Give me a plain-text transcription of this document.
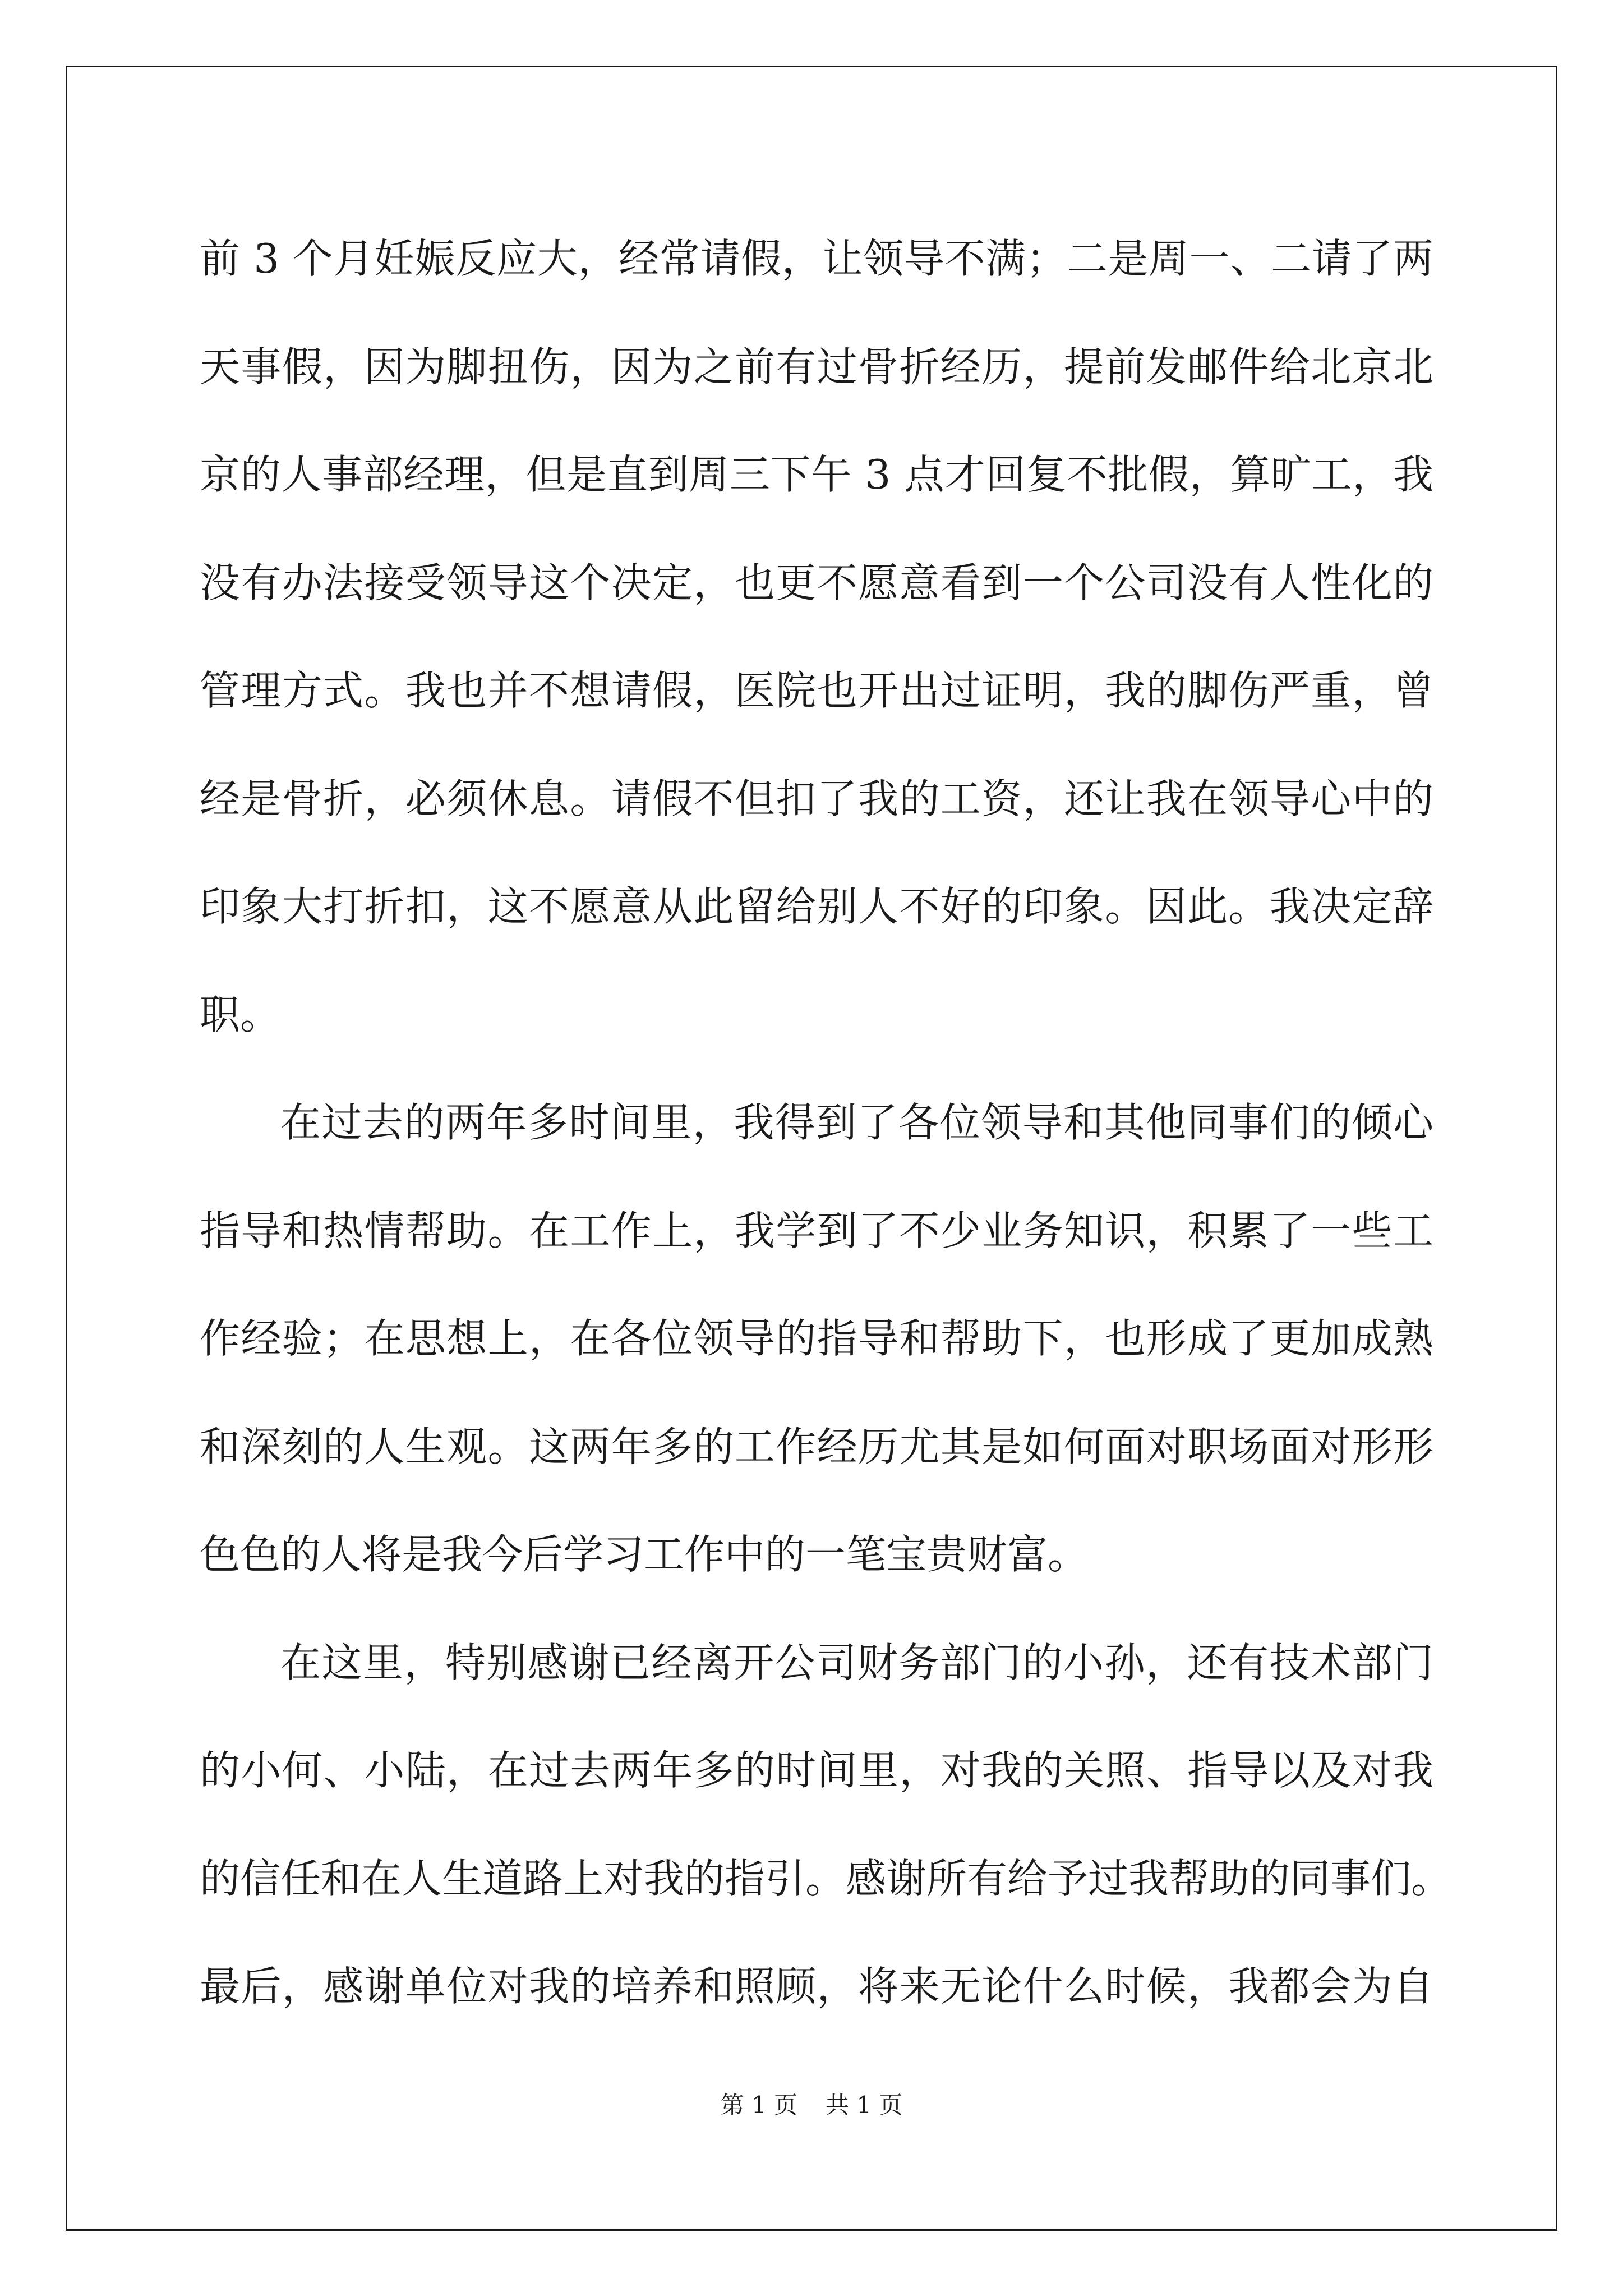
前 3 个月妊娠反应大，经常请假，让领导不满；二是周一、二请了两
天事假，因为脚扭伤，因为之前有过骨折经历，提前发邮件给北京北
京的人事部经理，但是直到周三下午 3 点才回复不批假，算旷工，我
没有办法接受领导这个决定，也更不愿意看到一个公司没有人性化的
管理方式。我也并不想请假，医院也开出过证明，我的脚伤严重，曾
经是骨折，必须休息。请假不但扣了我的工资，还让我在领导心中的
印象大打折扣，这不愿意从此留给别人不好的印象。因此。我决定辞
职。
在过去的两年多时间里，我得到了各位领导和其他同事们的倾心
指导和热情帮助。在工作上，我学到了不少业务知识，积累了一些工
作经验；在思想上，在各位领导的指导和帮助下，也形成了更加成熟
和深刻的人生观。这两年多的工作经历尤其是如何面对职场面对形形
色色的人将是我今后学习工作中的一笔宝贵财富。
在这里，特别感谢已经离开公司财务部门的小孙，还有技术部门
的小何、小陆，在过去两年多的时间里，对我的关照、指导以及对我
的信任和在人生道路上对我的指引。感谢所有给予过我帮助的同事们。
最后，感谢单位对我的培养和照顾，将来无论什么时候，我都会为自
第 1 页 共 1 页
